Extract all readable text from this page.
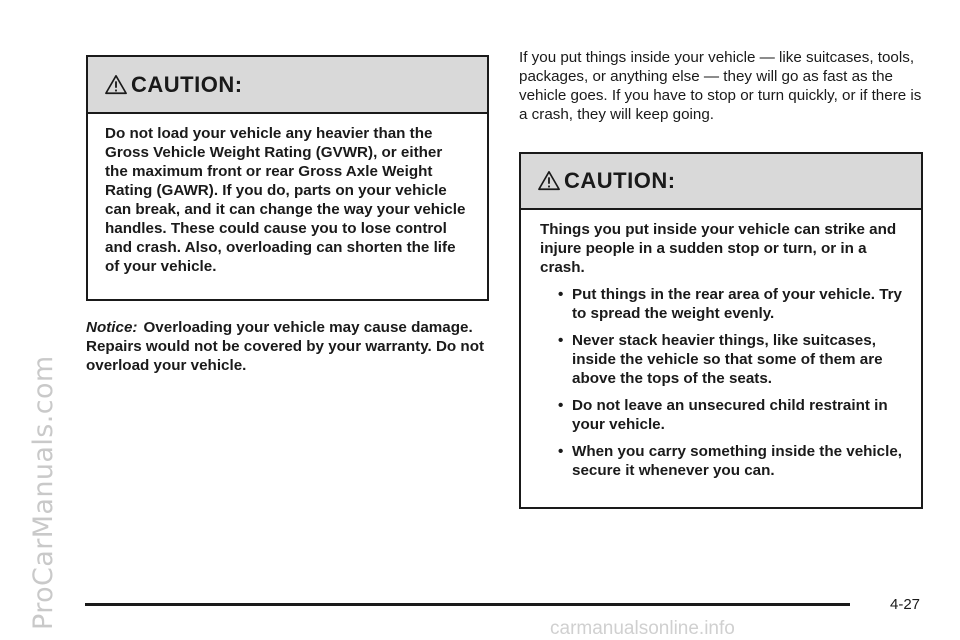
ProCarManuals.com
CAUTION:
Do not load your vehicle any heavier than the Gross Vehicle Weight Rating (GVWR), or either the maximum front or rear Gross Axle Weight Rating (GAWR). If you do, parts on your vehicle can break, and it can change the way your vehicle handles. These could cause you to lose control and crash. Also, overloading can shorten the life of your vehicle.
Notice: Overloading your vehicle may cause damage. Repairs would not be covered by your warranty. Do not overload your vehicle.
If you put things inside your vehicle — like suitcases, tools, packages, or anything else — they will go as fast as the vehicle goes. If you have to stop or turn quickly, or if there is a crash, they will keep going.
CAUTION:
Things you put inside your vehicle can strike and injure people in a sudden stop or turn, or in a crash.
• Put things in the rear area of your vehicle. Try to spread the weight evenly.
• Never stack heavier things, like suitcases, inside the vehicle so that some of them are above the tops of the seats.
• Do not leave an unsecured child restraint in your vehicle.
• When you carry something inside the vehicle, secure it whenever you can.
4-27
carmanualsonline.info
